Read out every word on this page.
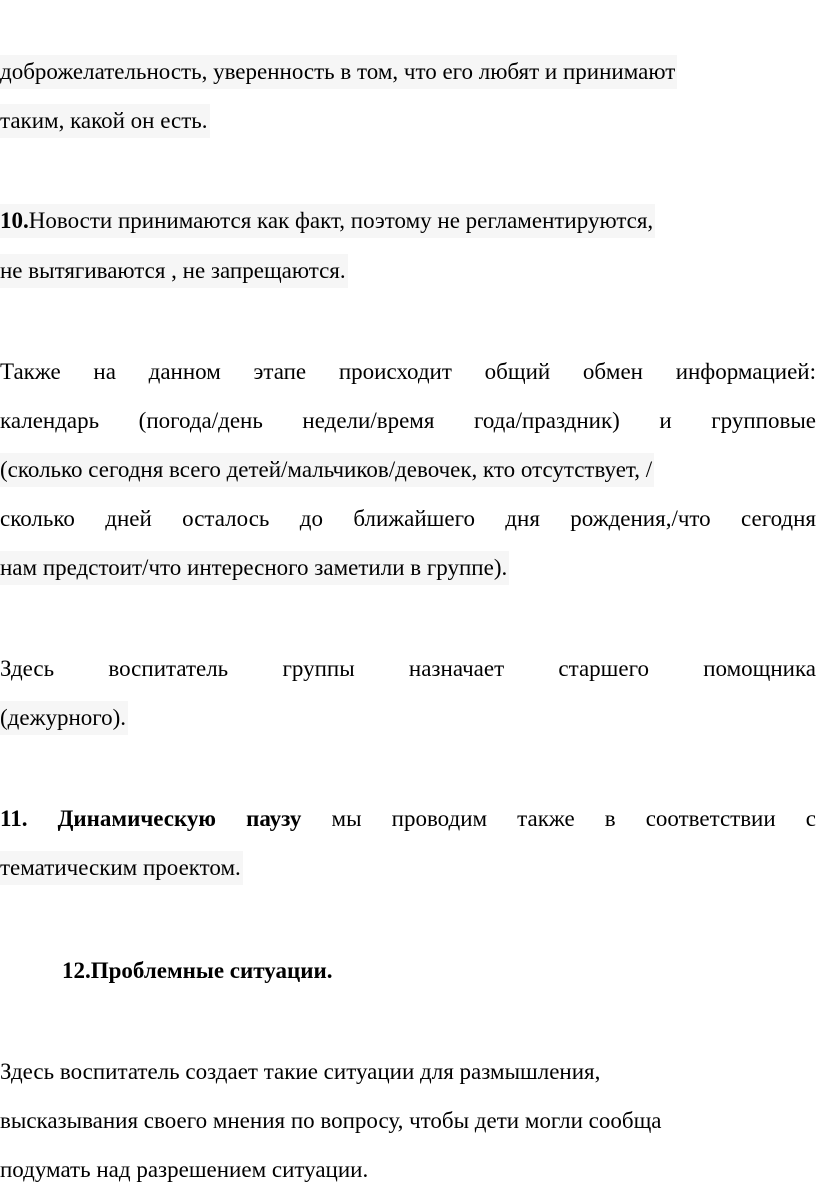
доброжелательность, уверенность в том, что его любят и принимают
таким, какой он есть.
10.Новости принимаются как факт, поэтому не регламентируются,
не вытягиваются , не запрещаются.
Также на данном этапе происходит общий обмен информацией:
календарь (погода/день недели/время года/праздник) и групповые
(сколько сегодня всего детей/мальчиков/девочек, кто отсутствует, /
сколько дней осталось до ближайшего дня рождения,/что сегодня
нам предстоит/что интересного заметили в группе).
Здесь воспитатель группы назначает старшего помощника
(дежурного).
11. Динамическую паузу мы проводим также в соответствии с
тематическим проектом.
12.Проблемные ситуации.
Здесь воспитатель создает такие ситуации для размышления,
высказывания своего мнения по вопросу, чтобы дети могли сообща
подумать над разрешением ситуации.
